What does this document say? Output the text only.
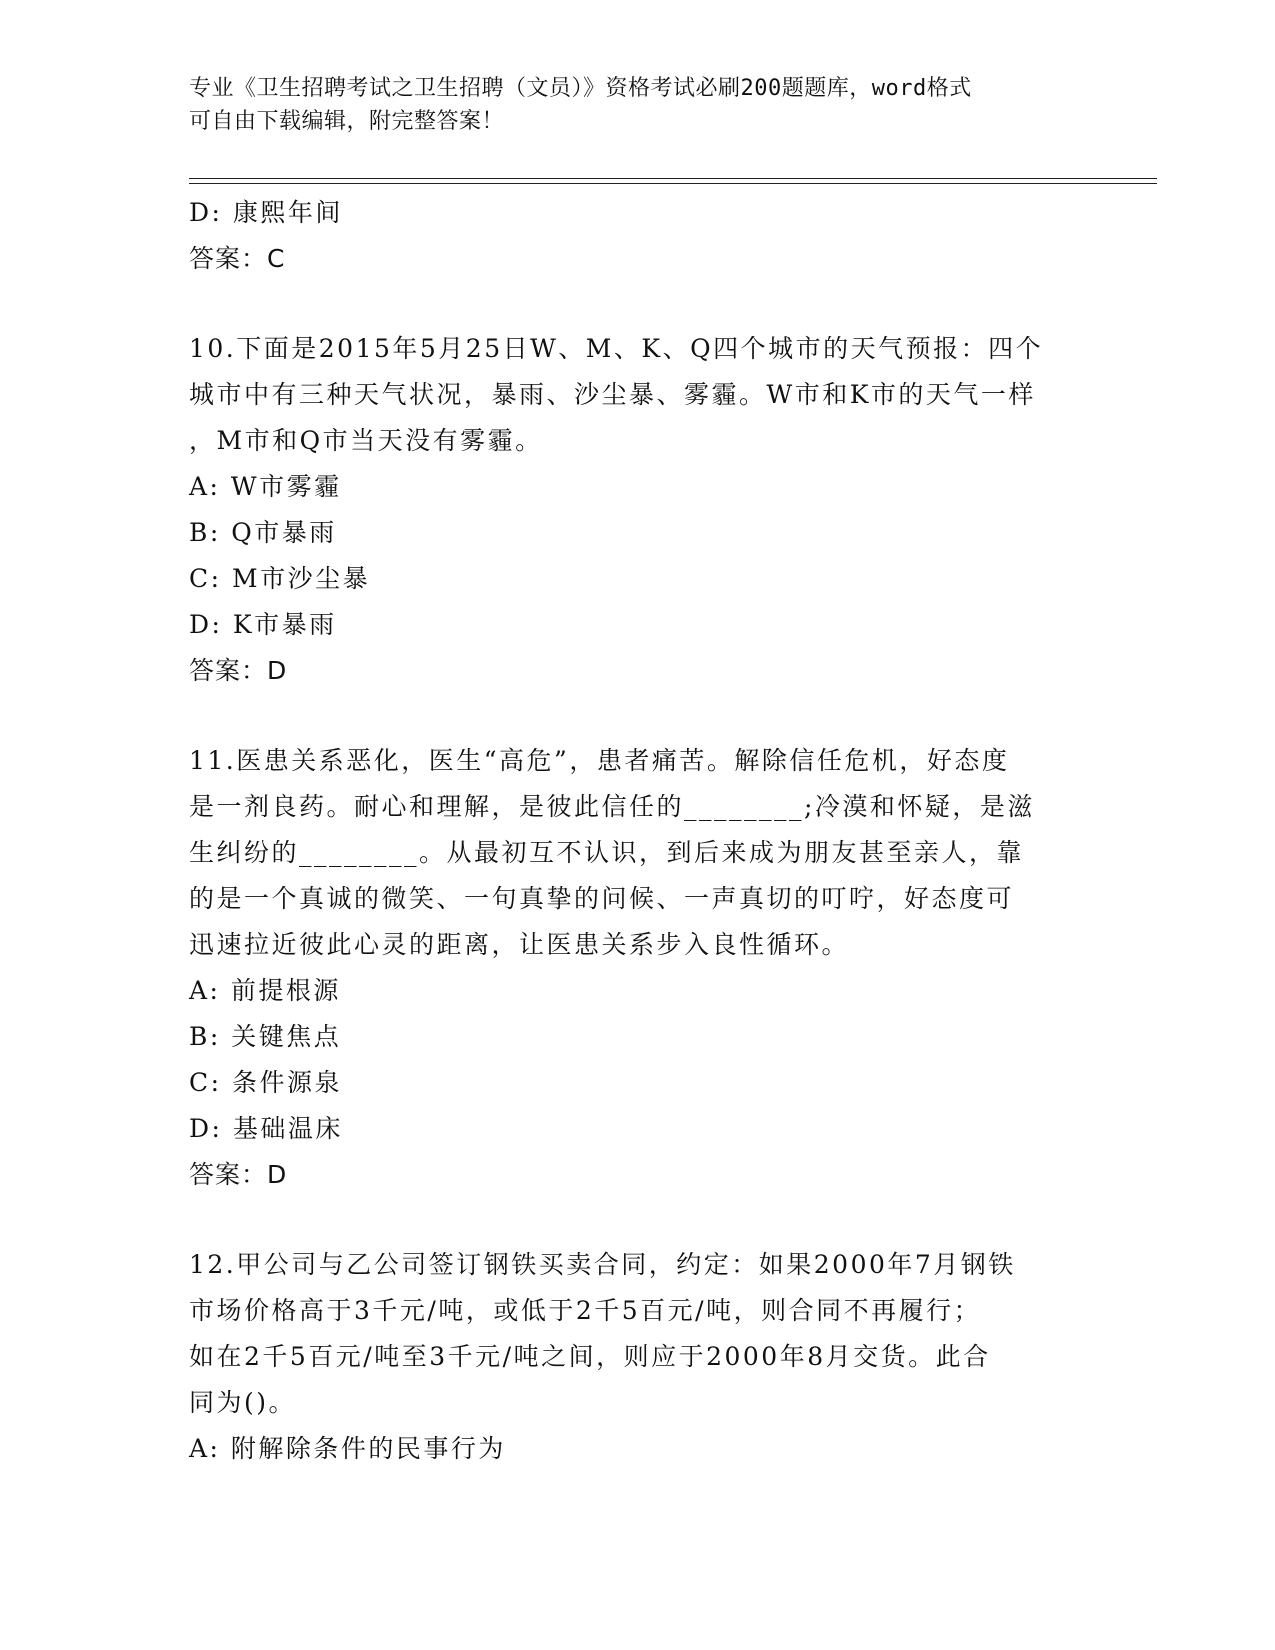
专业《卫生招聘考试之卫生招聘（文员）》资格考试必刷200题题库，word格式
可自由下载编辑，附完整答案！
D: 康熙年间
答案：C
10.下面是2015年5月25日W、M、K、Q四个城市的天气预报：四个
城市中有三种天气状况，暴雨、沙尘暴、雾霾。W市和K市的天气一样
，M市和Q市当天没有雾霾。
A: W市雾霾
B: Q市暴雨
C: M市沙尘暴
D: K市暴雨
答案：D
11.医患关系恶化，医生“高危”，患者痛苦。解除信任危机，好态度
是一剂良药。耐心和理解，是彼此信任的________;冷漠和怀疑，是滋
生纠纷的________。从最初互不认识，到后来成为朋友甚至亲人，靠
的是一个真诚的微笑、一句真挚的问候、一声真切的叮咛，好态度可
迅速拉近彼此心灵的距离，让医患关系步入良性循环。
A: 前提根源
B: 关键焦点
C: 条件源泉
D: 基础温床
答案：D
12.甲公司与乙公司签订钢铁买卖合同，约定：如果2000年7月钢铁
市场价格高于3千元/吨，或低于2千5百元/吨，则合同不再履行；
如在2千5百元/吨至3千元/吨之间，则应于2000年8月交货。此合
同为()。
A: 附解除条件的民事行为
